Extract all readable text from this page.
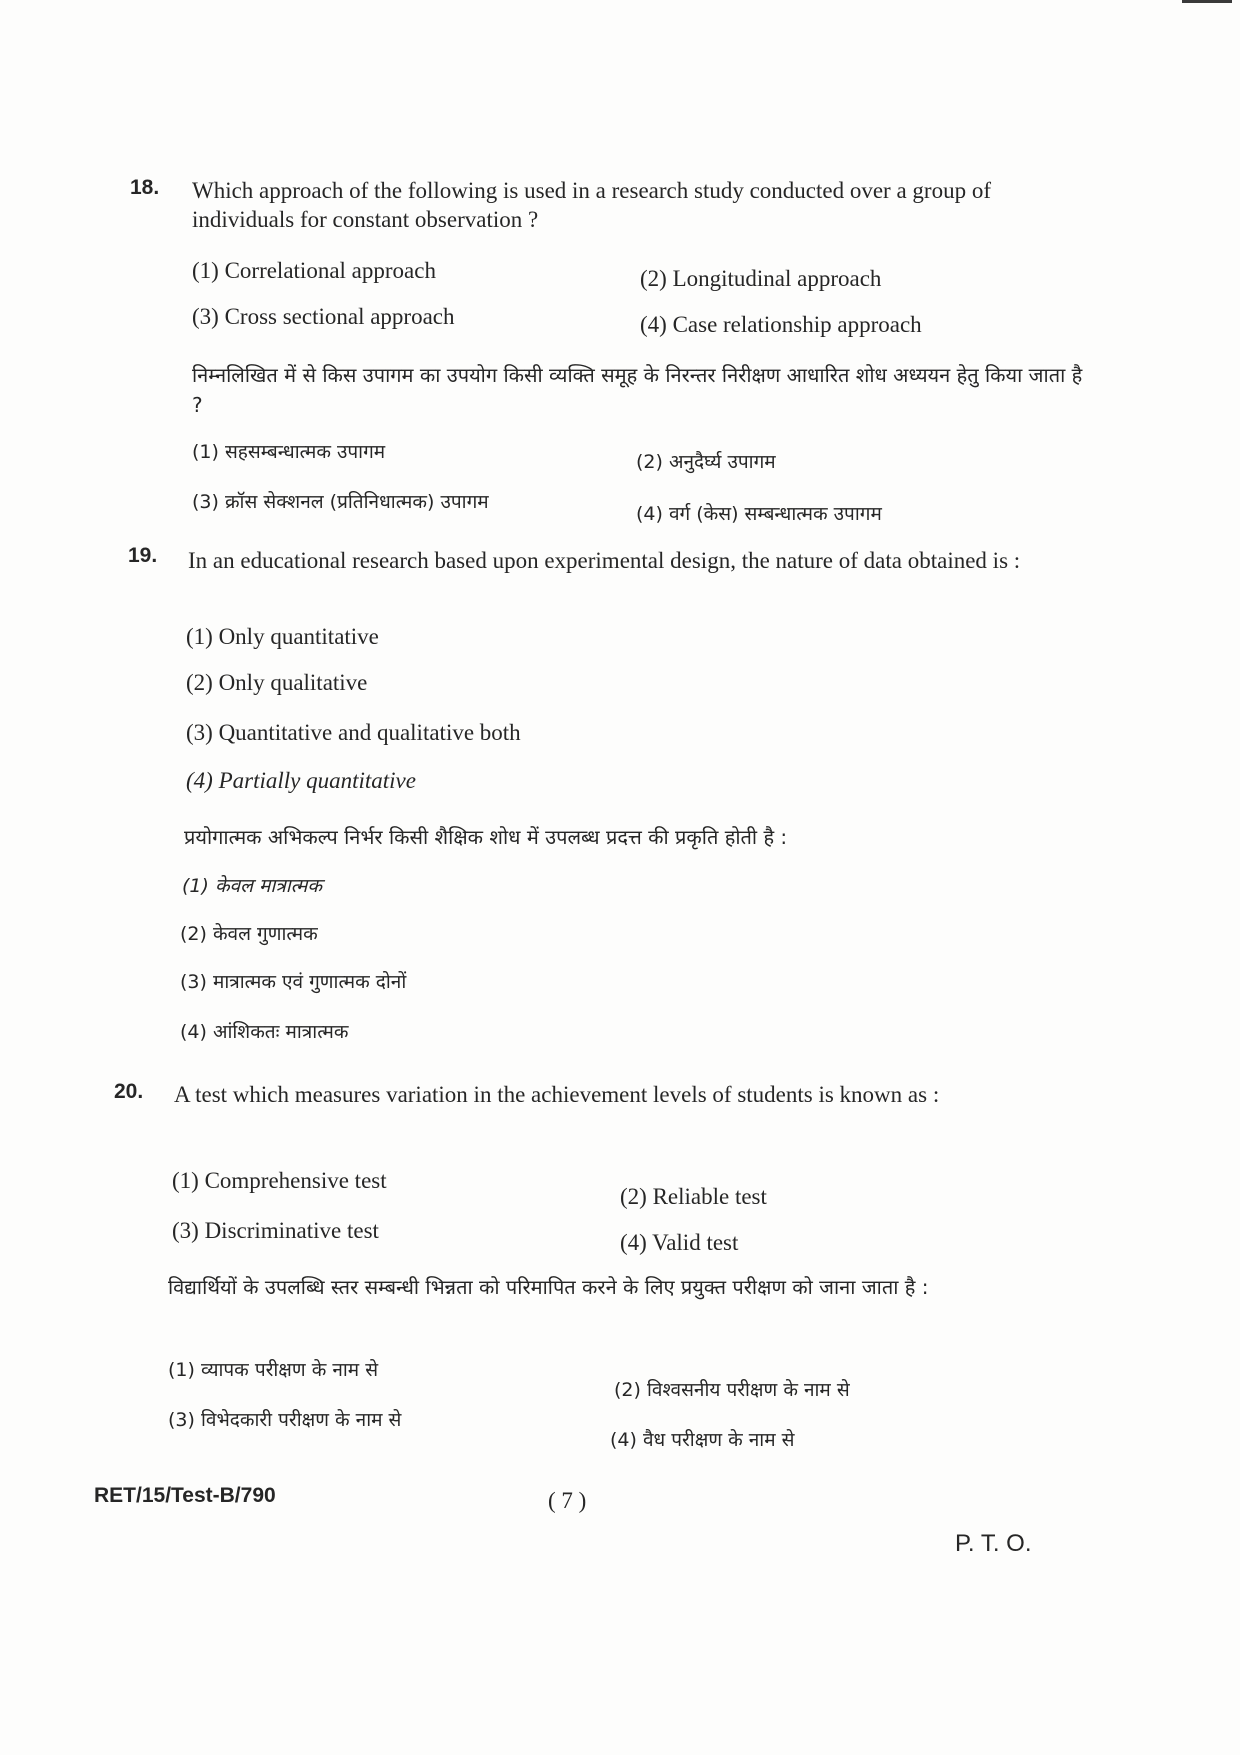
18. Which approach of the following is used in a research study conducted over a group of individuals for constant observation ?
(1) Correlational approach	(2) Longitudinal approach
(3) Cross sectional approach	(4) Case relationship approach
निम्नलिखित में से किस उपागम का उपयोग किसी व्यक्ति समूह के निरन्तर निरीक्षण आधारित शोध अध्ययन हेतु किया जाता है ?
(1) सहसम्बन्धात्मक उपागम	(2) अनुदैर्घ्य उपागम
(3) क्रॉस सेक्शनल (प्रतिनिधात्मक) उपागम
(4) वर्ग (केस) सम्बन्धात्मक उपागम
19. In an educational research based upon experimental design, the nature of data obtained is :
(1) Only quantitative
(2) Only qualitative
(3) Quantitative and qualitative both
(4) Partially quantitative
प्रयोगात्मक अभिकल्प निर्भर किसी शैक्षिक शोध में उपलब्ध प्रदत्त की प्रकृति होती है :
(1) केवल मात्रात्मक
(2) केवल गुणात्मक
(3) मात्रात्मक एवं गुणात्मक दोनों
(4) आंशिकतः मात्रात्मक
20. A test which measures variation in the achievement levels of students is known as :
(1) Comprehensive test
(2) Reliable test
(3) Discriminative test	(4) Valid test
विद्यार्थियों के उपलब्धि स्तर सम्बन्धी भिन्नता को परिमापित करने के लिए प्रयुक्त परीक्षण को जाना जाता है :
(1) व्यापक परीक्षण के नाम से
(2) विश्वसनीय परीक्षण के नाम से
(3) विभेदकारी परीक्षण के नाम से
(4) वैध परीक्षण के नाम से
RET/15/Test-B/790	( 7 )
P. T. O.
